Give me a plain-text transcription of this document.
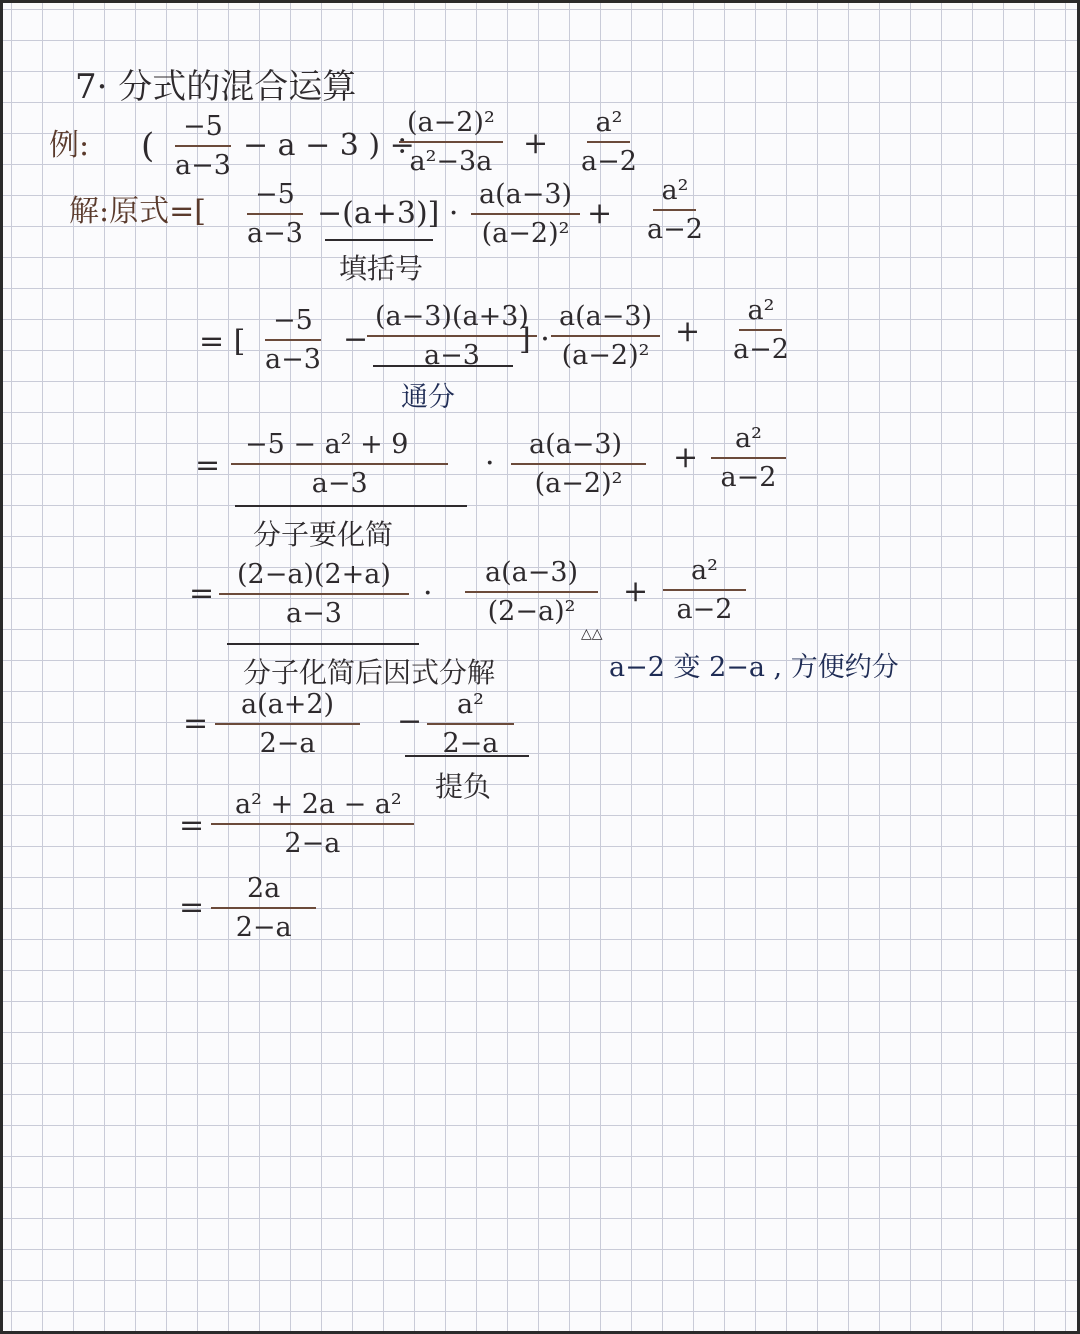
7· 分式的混合运算
例: ( $\frac{-5}{a-3} - a - 3$ ) ÷
$\frac{\text{(a−2)²}}{\text{a²−3a}} + \frac{\text{a²}}{a-2}$
解:原式=[ $\frac{-5}{a-3} -(a+3)] \cdot \frac{a(a-3)}{\text{(a−2)²}} + \frac{\text{a²}}{a-2}$
填括号
= [ $\frac{-5}{a-3}$ −
$\frac{(a-3)(a+3)}{a-3}$
] · $\frac{a(a-3)}{\text{(a−2)²}} + \frac{\text{a²}}{a-2}$
通分
= $\frac{\text{−5 − a² + 9}}{a-3} \cdot \frac{a(a-3)}{\text{(a−2)²}} + \frac{\text{a²}}{a-2}$
分子要化简
= $\frac{(2-a)(2+a)}{a-3} \cdot \frac{a(a-3)}{\text{(2−a)²}}$
△△
+ $\frac{\text{a²}}{a-2}$
分子化简后因式分解	a−2 变 2−a , 方便约分
= $\frac{a(a+2)}{2-a} - \frac{\text{a²}}{2-a}$
提负
= $\frac{\text{a² + 2a − a²}}{2-a}$
= $\frac{2a}{2-a}$
